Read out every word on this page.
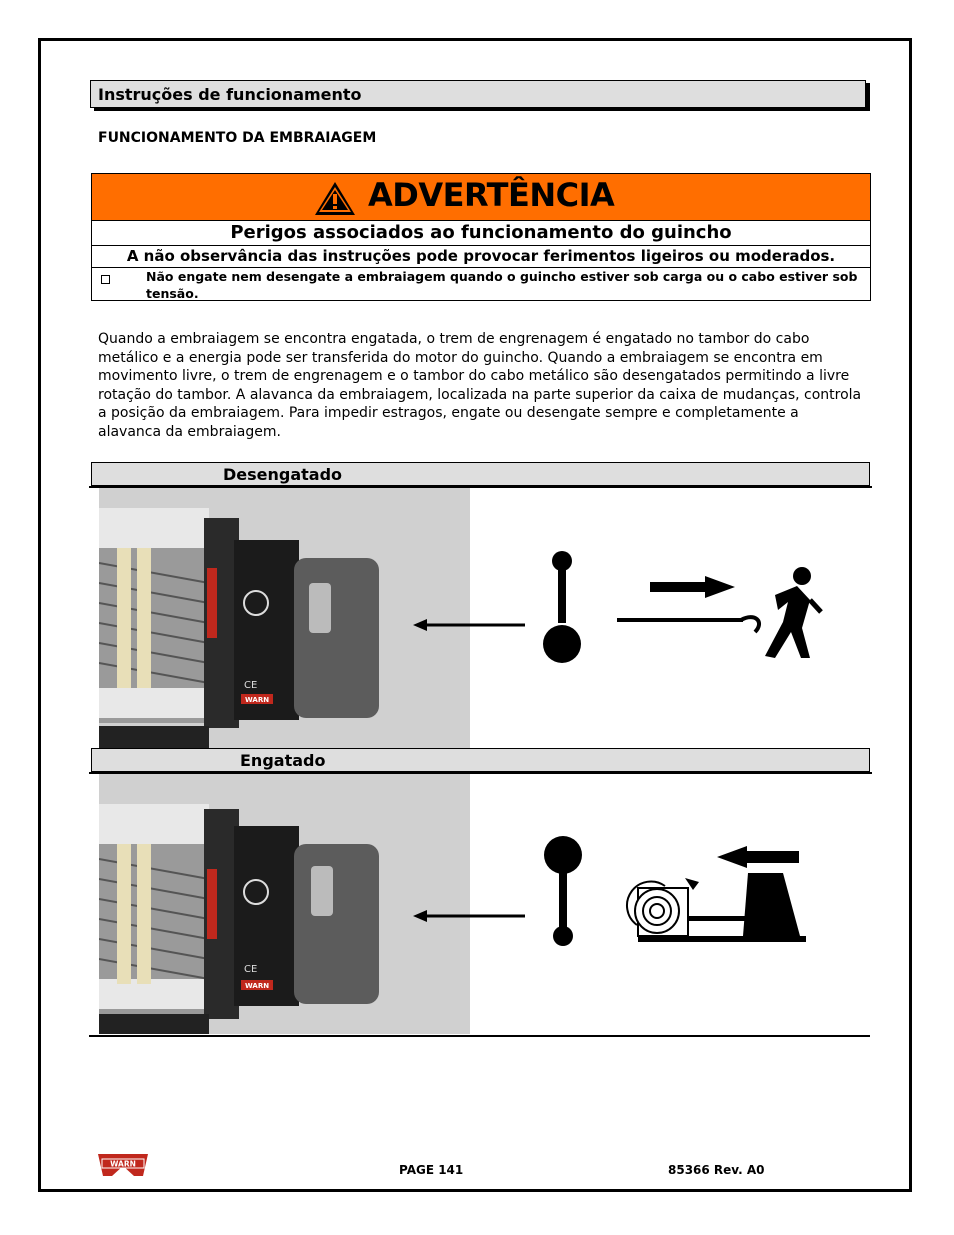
Instruções de funcionamento
FUNCIONAMENTO DA EMBRAIAGEM
ADVERTÊNCIA
Perigos associados ao funcionamento do guincho
A não observância das instruções pode provocar ferimentos ligeiros ou moderados.
Não engate nem desengate a embraiagem quando o guincho estiver sob carga ou o cabo estiver sob tensão.
Quando a embraiagem se encontra engatada, o trem de engrenagem é engatado no tambor do cabo metálico e a energia pode ser transferida do motor do guincho. Quando a embraiagem se encontra em movimento livre, o trem de engrenagem e o tambor do cabo metálico são desengatados permitindo a livre rotação do tambor. A alavanca da embraiagem, localizada na parte superior da caixa de mudanças, controla a posição da embraiagem. Para impedir estragos, engate ou desengate sempre e completamente a alavanca da embraiagem.
Desengatado
CE
WARN
Engatado
CE
WARN
WARN	PAGE 141	85366 Rev. A0
